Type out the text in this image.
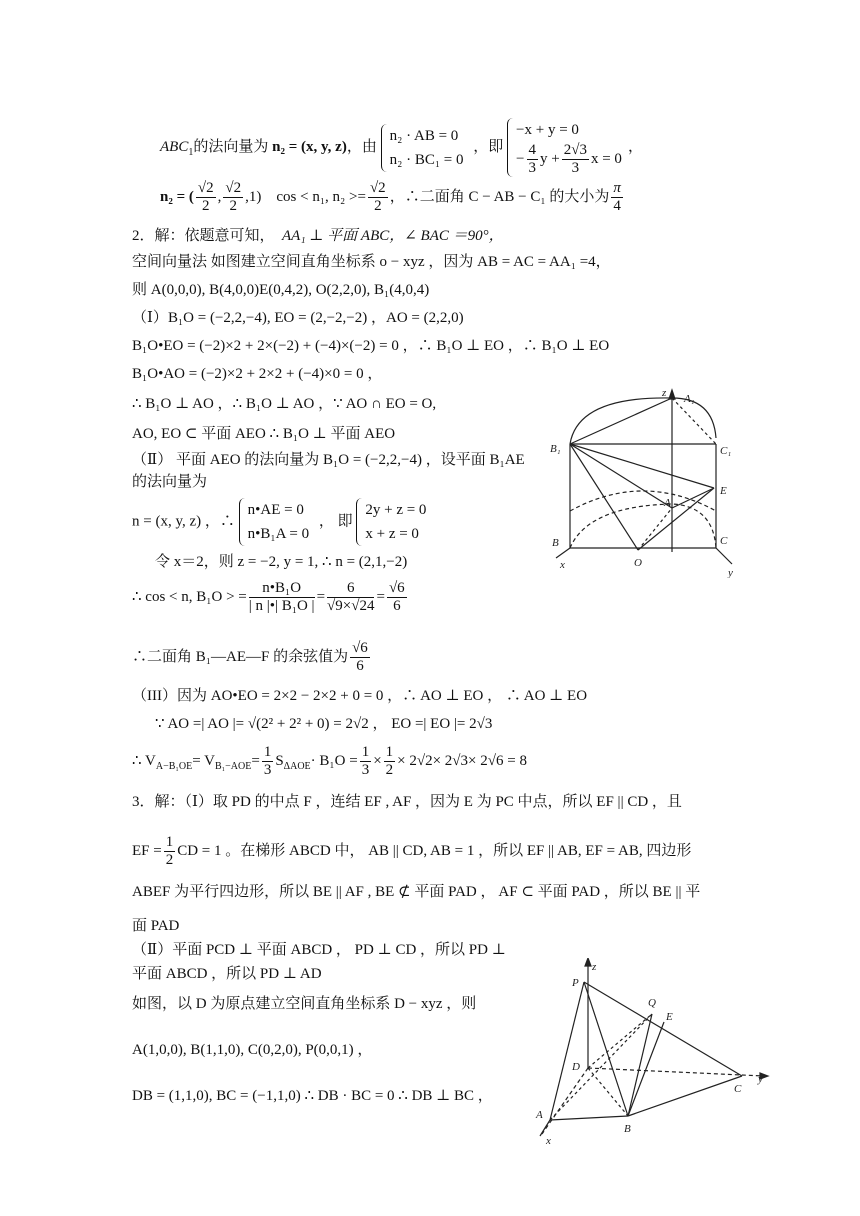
$ABC_1$的法向量为 n₂ = (x, y, z)，由
n₂ · AB = 0
n₂ · BC₁ = 0
，即
−x + y = 0
− $\frac{4}{3}$ $y + \frac{2√3}{3}$ x = 0
，
n₂ = ( $\frac{√2}{2}$ , $\frac{√2}{2} ,1$) cos < n₁, $n_2 >= \frac{√2}{2}$ ，∴二面角 C − AB − C₁ 的大小为 $\frac{\pi}{4}$
2．解：依题意可知， AA₁ ⊥ 平面 ABC，∠ BAC ＝90°，
空间向量法 如图建立空间直角坐标系 o − xyz ，因为 AB = AC = AA₁ =4，
则 A(0,0,0), B(4,0,0)E(0,4,2), O(2,2,0), B₁(4,0,4)
（Ⅰ）B₁O = (−2,2,−4), EO = (2,−2,−2) ，AO = (2,2,0)
B₁O•EO = (−2)×2 + 2×(−2) + (−4)×(−2) = 0 ，∴ B₁O ⊥ EO ，∴ B₁O ⊥ EO
B₁O•AO = (−2)×2 + 2×2 + (−4)×0 = 0 ，
∴ B₁O ⊥ AO ，∴ B₁O ⊥ AO ，∵ AO ∩ EO = O,
AO, EO ⊂ 平面 AEO ∴ B₁O ⊥ 平面 AEO
（Ⅱ） 平面 AEO 的法向量为 B₁O = (−2,2,−4) ，设平面 B₁AE
的法向量为
n = (x, y, z) ，∴
n•AE = 0
n•B₁A = 0
， 即
2y + z = 0
x + z = 0
令 x＝2，则 z = −2, y = 1, ∴ n = (2,1,−2)
∴ cos < n, B₁O > = $\frac{\text{n•B₁O}}{\text{| n |•| B₁O |}} = \frac{6}{√9\times√24} = \frac{√6}{6}$
∴二面角 B₁—AE—F 的余弦值为 $\frac{√6}{6}$
（III）因为 AO•EO = 2×2 − 2×2 + 0 = 0 ，∴ AO ⊥ EO ， ∴ AO ⊥ EO
∵ AO =| AO |= √(2² + 2² + 0) = 2√2 ， EO =| EO |= 2√3
∴ $V_{A-B_1OE}= V_{B_1-AOE}= \frac{1}{3} S_{\Delta AOE}\cdot B_1O = \frac{1}{3} \times \frac{1}{2} \times 2√2\times 2√3\times 2√6 = 8$
3．解：（Ⅰ）取 PD 的中点 F ，连结 EF , AF ，因为 E 为 PC 中点，所以 EF || CD ，且
EF = $\frac{1}{2}$ CD = 1 。在梯形 ABCD 中， AB || CD, AB = 1 ，所以 EF || AB, EF = AB, 四边形
ABEF 为平行四边形，所以 BE || AF , BE ⊄ 平面 PAD ， AF ⊂ 平面 PAD ，所以 BE || 平
面 PAD
（Ⅱ）平面 PCD ⊥ 平面 ABCD ， PD ⊥ CD ，所以 PD ⊥
平面 ABCD ，所以 PD ⊥ AD
如图，以 D 为原点建立空间直角坐标系 D − xyz ，则
A(1,0,0), B(1,1,0), C(0,2,0), P(0,0,1) ，
DB = (1,1,0), BC = (−1,1,0) ∴ DB · BC = 0 ∴ DB ⊥ BC ，
z A₁
B₁	C₁
E
A
B	C
O
x
y
z
P
Q
E
D
C
y
A
B
x
